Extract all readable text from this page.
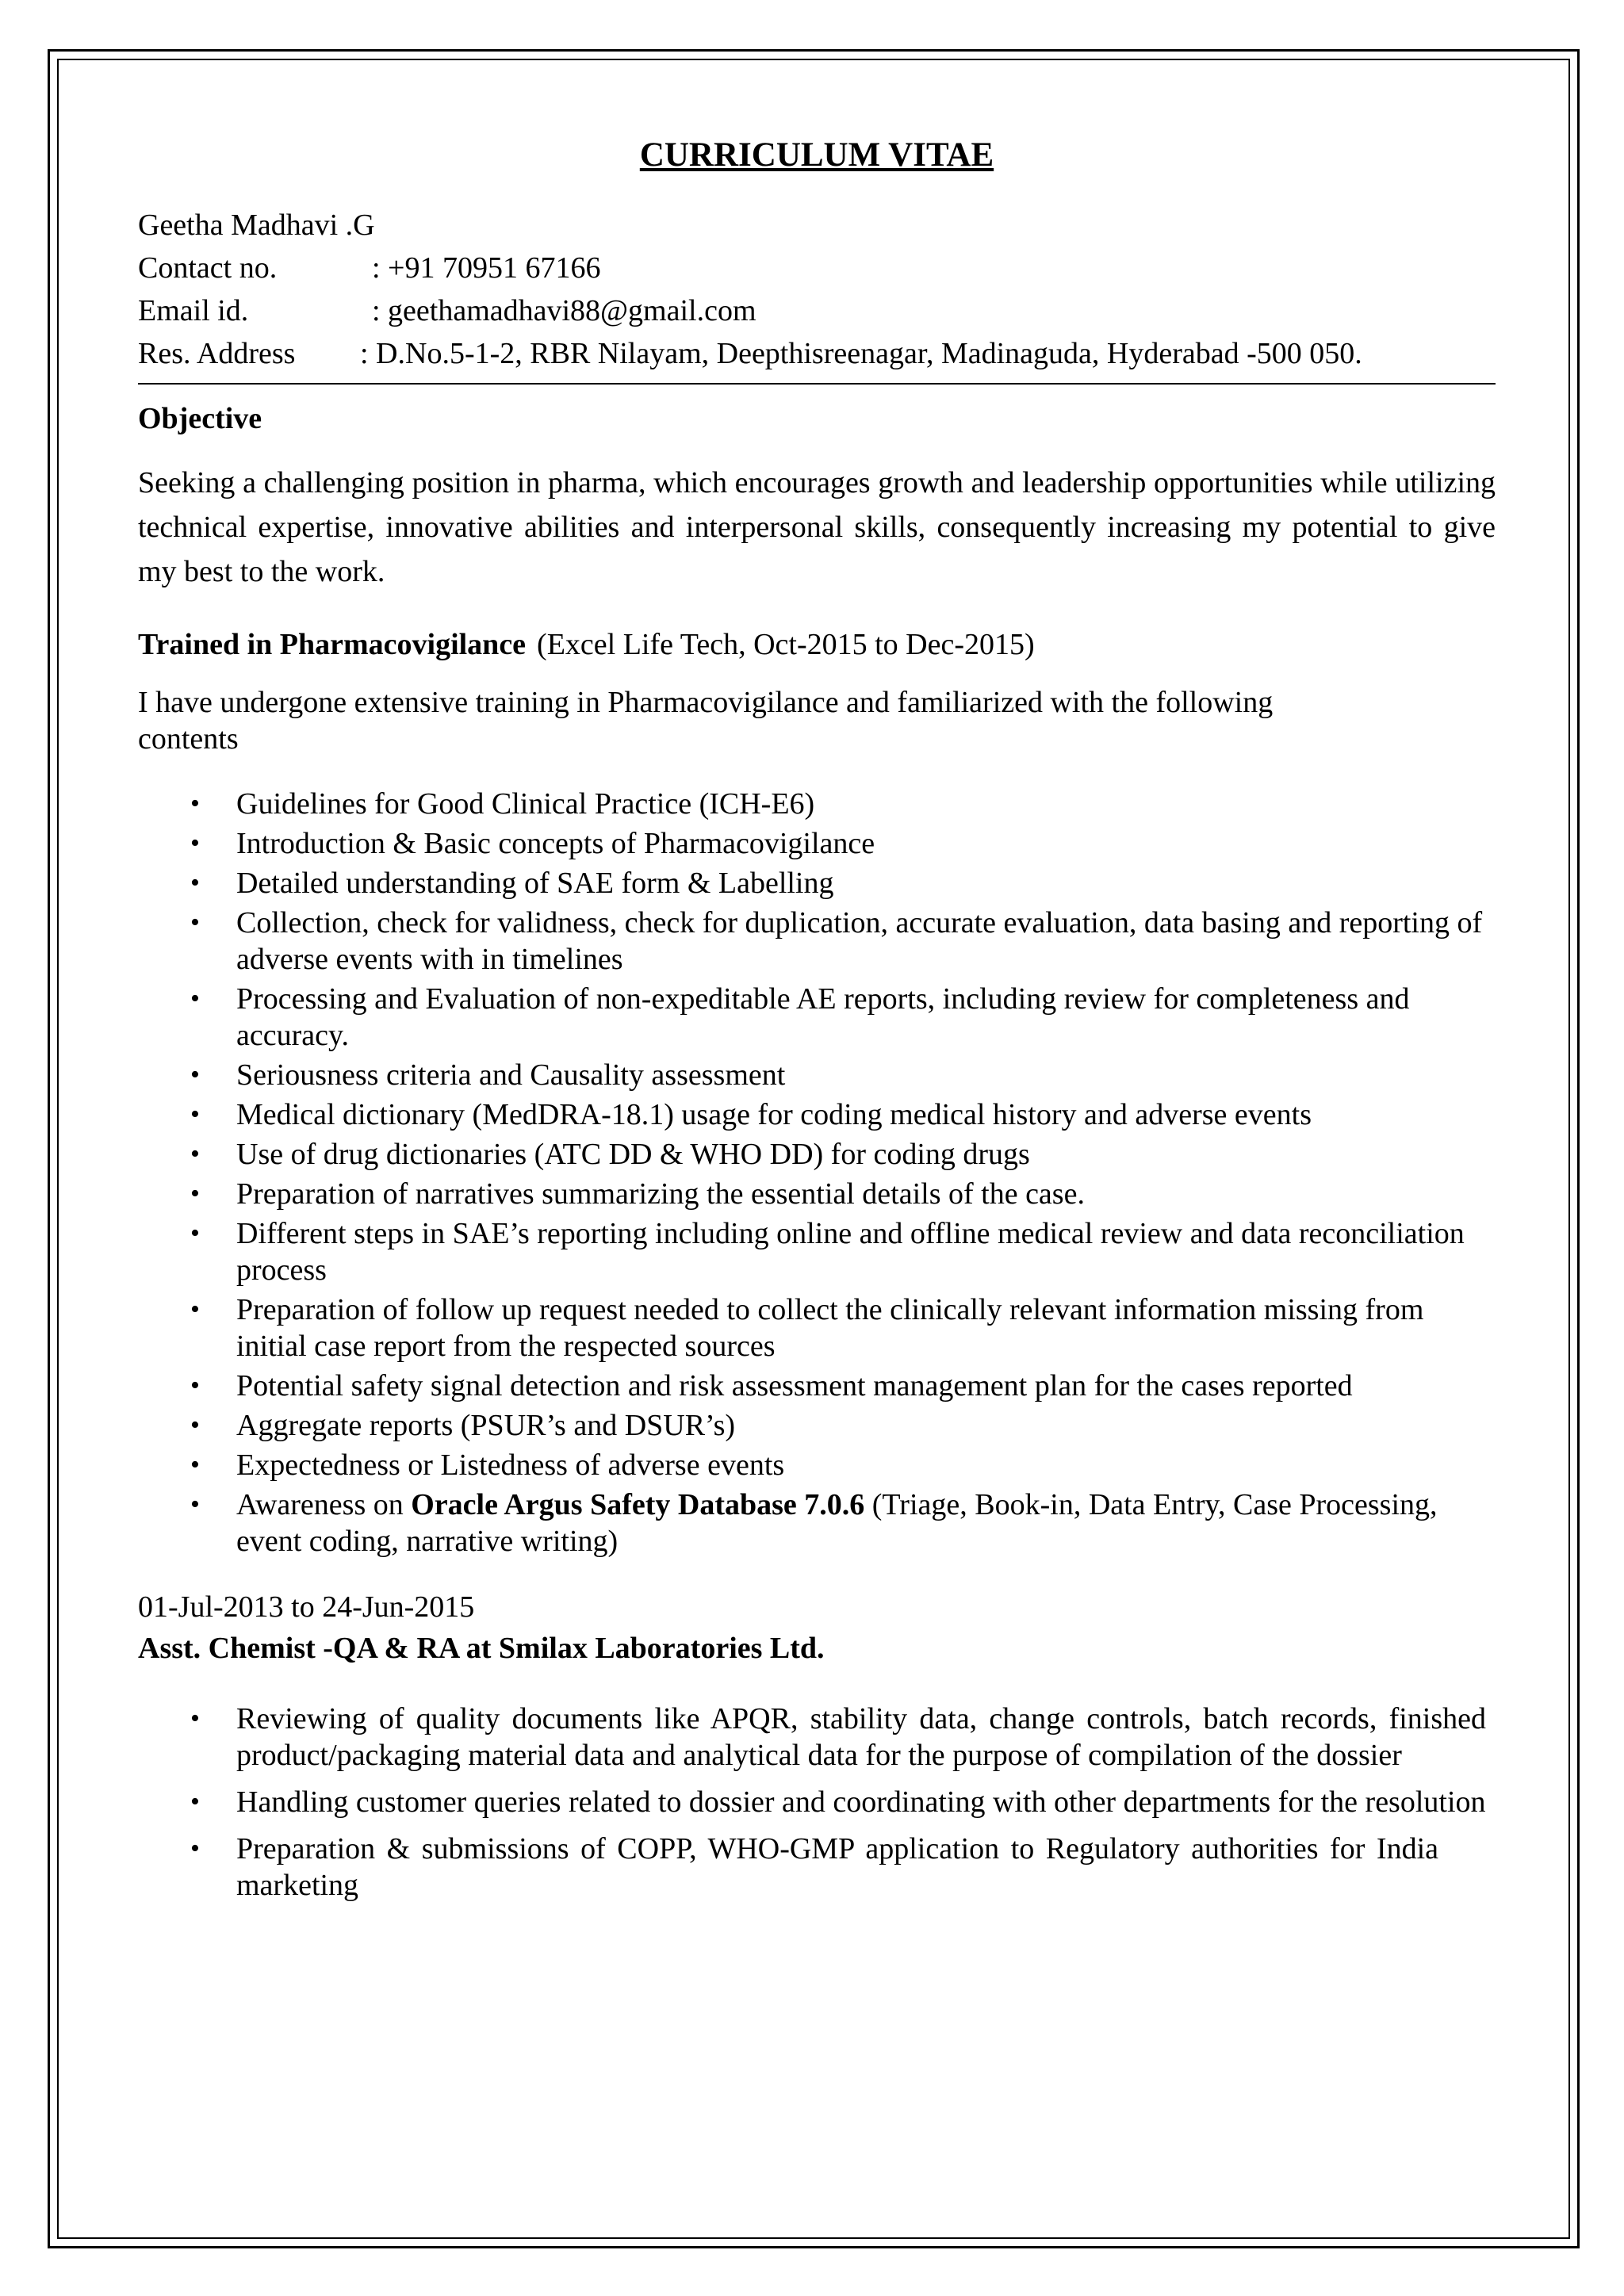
CURRICULUM VITAE
Geetha Madhavi .G
Contact no.	: +91 70951 67166
Email id.	: geethamadhavi88@gmail.com
Res. Address	: D.No.5-1-2, RBR Nilayam, Deepthisreenagar, Madinaguda, Hyderabad -500 050.
Objective
Seeking a challenging position in pharma, which encourages growth and leadership opportunities while utilizing technical expertise, innovative abilities and interpersonal skills, consequently increasing my potential to give my best to the work.
Trained in Pharmacovigilance (Excel Life Tech, Oct-2015 to Dec-2015)
I have undergone extensive training in Pharmacovigilance and familiarized with the following contents
• Guidelines for Good Clinical Practice (ICH-E6)
• Introduction & Basic concepts of Pharmacovigilance
• Detailed understanding of SAE form & Labelling
• Collection, check for validness, check for duplication, accurate evaluation, data basing and reporting of adverse events with in timelines
• Processing and Evaluation of non-expeditable AE reports, including review for completeness and accuracy.
• Seriousness criteria and Causality assessment
• Medical dictionary (MedDRA-18.1) usage for coding medical history and adverse events
• Use of drug dictionaries (ATC DD & WHO DD) for coding drugs
• Preparation of narratives summarizing the essential details of the case.
• Different steps in SAE’s reporting including online and offline medical review and data reconciliation process
• Preparation of follow up request needed to collect the clinically relevant information missing from initial case report from the respected sources
• Potential safety signal detection and risk assessment management plan for the cases reported
• Aggregate reports (PSUR’s and DSUR’s)
• Expectedness or Listedness of adverse events
• Awareness on Oracle Argus Safety Database 7.0.6 (Triage, Book-in, Data Entry, Case Processing, event coding, narrative writing)
01-Jul-2013 to 24-Jun-2015
Asst. Chemist -QA & RA at Smilax Laboratories Ltd.
• Reviewing of quality documents like APQR, stability data, change controls, batch records, finished product/packaging material data and analytical data for the purpose of compilation of the dossier
• Handling customer queries related to dossier and coordinating with other departments for the resolution
• Preparation & submissions of COPP, WHO-GMP application to Regulatory authorities for India marketing
